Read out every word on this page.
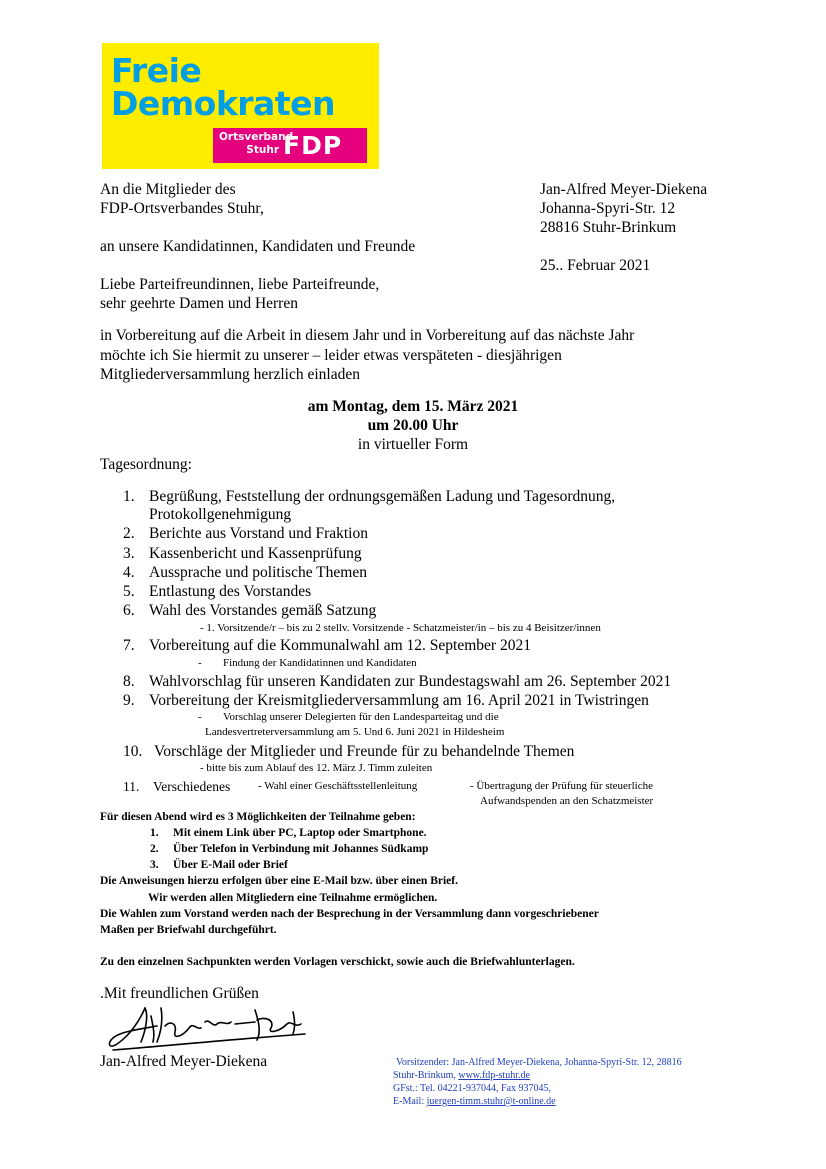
Freie
Demokraten
Ortsverband
Stuhr FDP
An die Mitglieder des
FDP-Ortsverbandes Stuhr,
an unsere Kandidatinnen, Kandidaten und Freunde
Jan-Alfred Meyer-Diekena
Johanna-Spyri-Str. 12
28816 Stuhr-Brinkum
25.. Februar 2021
Liebe Parteifreundinnen, liebe Parteifreunde,
sehr geehrte Damen und Herren
in Vorbereitung auf die Arbeit in diesem Jahr und in Vorbereitung auf das nächste Jahr
möchte ich Sie hiermit zu unserer – leider etwas verspäteten - diesjährigen
Mitgliederversammlung herzlich einladen
am Montag, dem 15. März 2021
um 20.00 Uhr
in virtueller Form
Tagesordnung:
1. Begrüßung, Feststellung der ordnungsgemäßen Ladung und Tagesordnung,
Protokollgenehmigung
2. Berichte aus Vorstand und Fraktion
3. Kassenbericht und Kassenprüfung
4. Aussprache und politische Themen
5. Entlastung des Vorstandes
6. Wahl des Vorstandes gemäß Satzung
- 1. Vorsitzende/r – bis zu 2 stellv. Vorsitzende - Schatzmeister/in – bis zu 4 Beisitzer/innen
7. Vorbereitung auf die Kommunalwahl am 12. September 2021
- Findung der Kandidatinnen und Kandidaten
8. Wahlvorschlag für unseren Kandidaten zur Bundestagswahl am 26. September 2021
9. Vorbereitung der Kreismitgliederversammlung am 16. April 2021 in Twistringen
- Vorschlag unserer Delegierten für den Landesparteitag und die
Landesvertreterversammlung am 5. Und 6. Juni 2021 in Hildesheim
10. Vorschläge der Mitglieder und Freunde für zu behandelnde Themen
- bitte bis zum Ablauf des 12. März J. Timm zuleiten
11. Verschiedenes	- Wahl einer Geschäftsstellenleitung	- Übertragung der Prüfung für steuerliche
Aufwandspenden an den Schatzmeister
Für diesen Abend wird es 3 Möglichkeiten der Teilnahme geben:
1. Mit einem Link über PC, Laptop oder Smartphone.
2. Über Telefon in Verbindung mit Johannes Südkamp
3. Über E-Mail oder Brief
Die Anweisungen hierzu erfolgen über eine E-Mail bzw. über einen Brief.
Wir werden allen Mitgliedern eine Teilnahme ermöglichen.
Die Wahlen zum Vorstand werden nach der Besprechung in der Versammlung dann vorgeschriebener
Maßen per Briefwahl durchgeführt.
Zu den einzelnen Sachpunkten werden Vorlagen verschickt, sowie auch die Briefwahlunterlagen.
.Mit freundlichen Grüßen
Jan-Alfred Meyer-Diekena	Vorsitzender: Jan-Alfred Meyer-Diekena, Johanna-Spyri-Str. 12, 28816
Stuhr-Brinkum, www.fdp-stuhr.de
GFst.: Tel. 04221-937044, Fax 937045,
E-Mail: juergen-timm.stuhr@t-online.de
